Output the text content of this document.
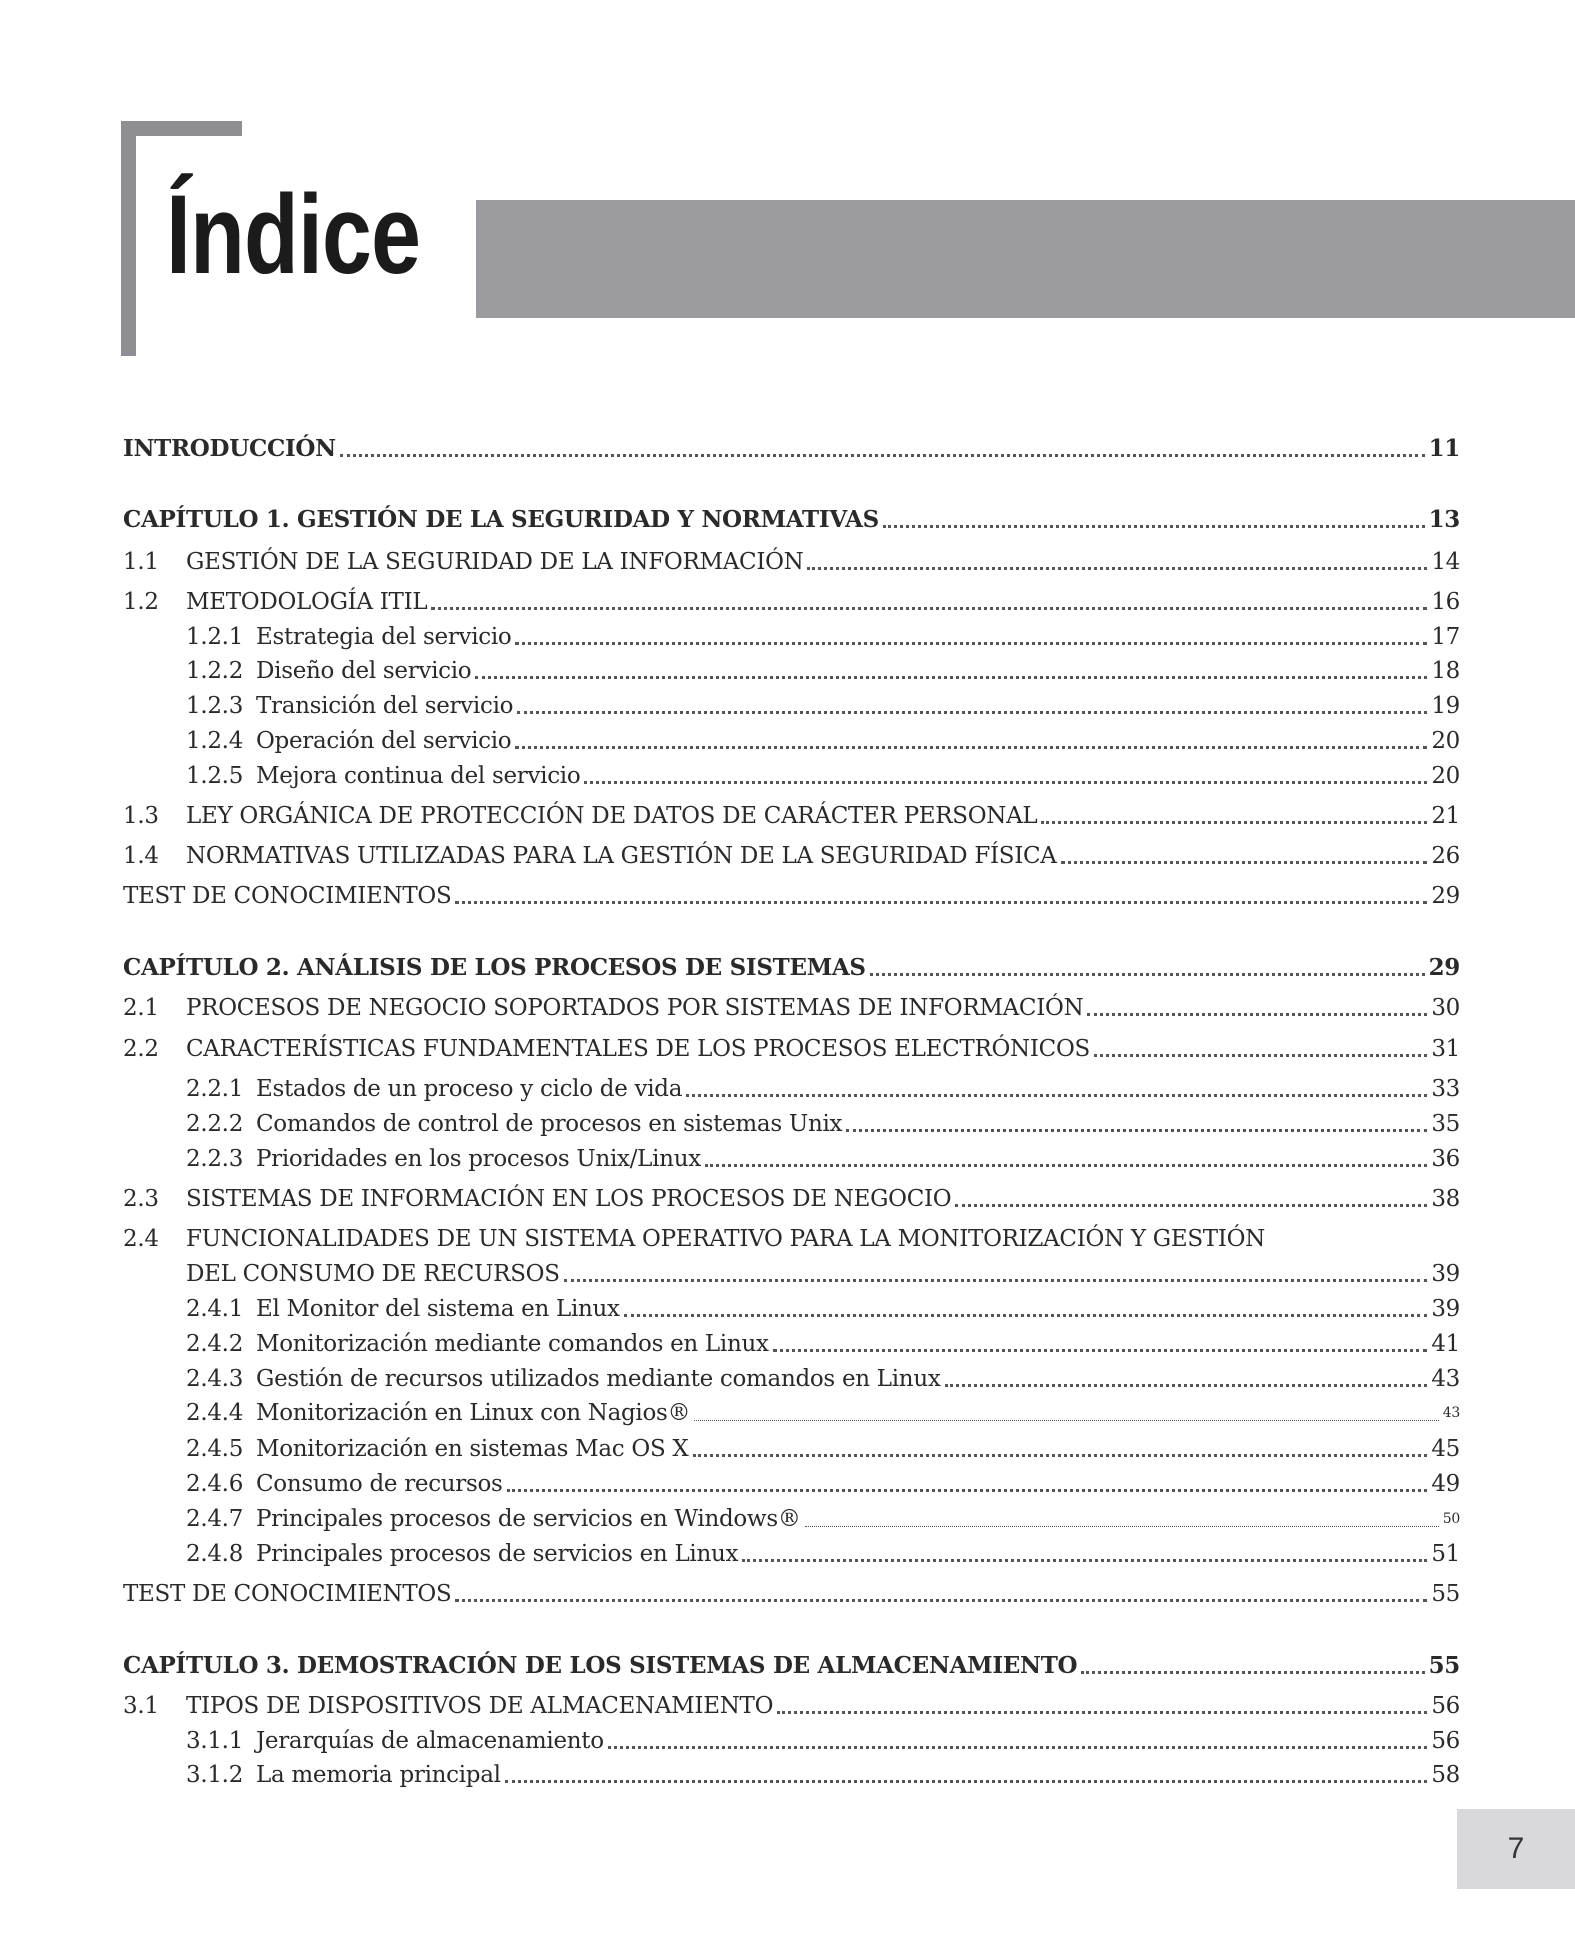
Índice
INTRODUCCIÓN	11
CAPÍTULO 1. GESTIÓN DE LA SEGURIDAD Y NORMATIVAS	13
1.1	GESTIÓN DE LA SEGURIDAD DE LA INFORMACIÓN	14
1.2	METODOLOGÍA ITIL	16
1.2.1 Estrategia del servicio	17
1.2.2 Diseño del servicio	18
1.2.3 Transición del servicio	19
1.2.4 Operación del servicio	20
1.2.5 Mejora continua del servicio	20
1.3	LEY ORGÁNICA DE PROTECCIÓN DE DATOS DE CARÁCTER PERSONAL	21
1.4	NORMATIVAS UTILIZADAS PARA LA GESTIÓN DE LA SEGURIDAD FÍSICA	26
TEST DE CONOCIMIENTOS	29
CAPÍTULO 2. ANÁLISIS DE LOS PROCESOS DE SISTEMAS	29
2.1	PROCESOS DE NEGOCIO SOPORTADOS POR SISTEMAS DE INFORMACIÓN	30
2.2	CARACTERÍSTICAS FUNDAMENTALES DE LOS PROCESOS ELECTRÓNICOS	31
2.2.1 Estados de un proceso y ciclo de vida	33
2.2.2 Comandos de control de procesos en sistemas Unix	35
2.2.3 Prioridades en los procesos Unix/Linux	36
2.3	SISTEMAS DE INFORMACIÓN EN LOS PROCESOS DE NEGOCIO	38
2.4	FUNCIONALIDADES DE UN SISTEMA OPERATIVO PARA LA MONITORIZACIÓN Y GESTIÓN
DEL CONSUMO DE RECURSOS	39
2.4.1 El Monitor del sistema en Linux	39
2.4.2 Monitorización mediante comandos en Linux	41
2.4.3 Gestión de recursos utilizados mediante comandos en Linux	43
2.4.4 Monitorización en Linux con Nagios®	43
2.4.5 Monitorización en sistemas Mac OS X	45
2.4.6 Consumo de recursos	49
2.4.7 Principales procesos de servicios en Windows®	50
2.4.8 Principales procesos de servicios en Linux	51
TEST DE CONOCIMIENTOS	55
CAPÍTULO 3. DEMOSTRACIÓN DE LOS SISTEMAS DE ALMACENAMIENTO	55
3.1	TIPOS DE DISPOSITIVOS DE ALMACENAMIENTO	56
3.1.1 Jerarquías de almacenamiento	56
3.1.2 La memoria principal	58
7
